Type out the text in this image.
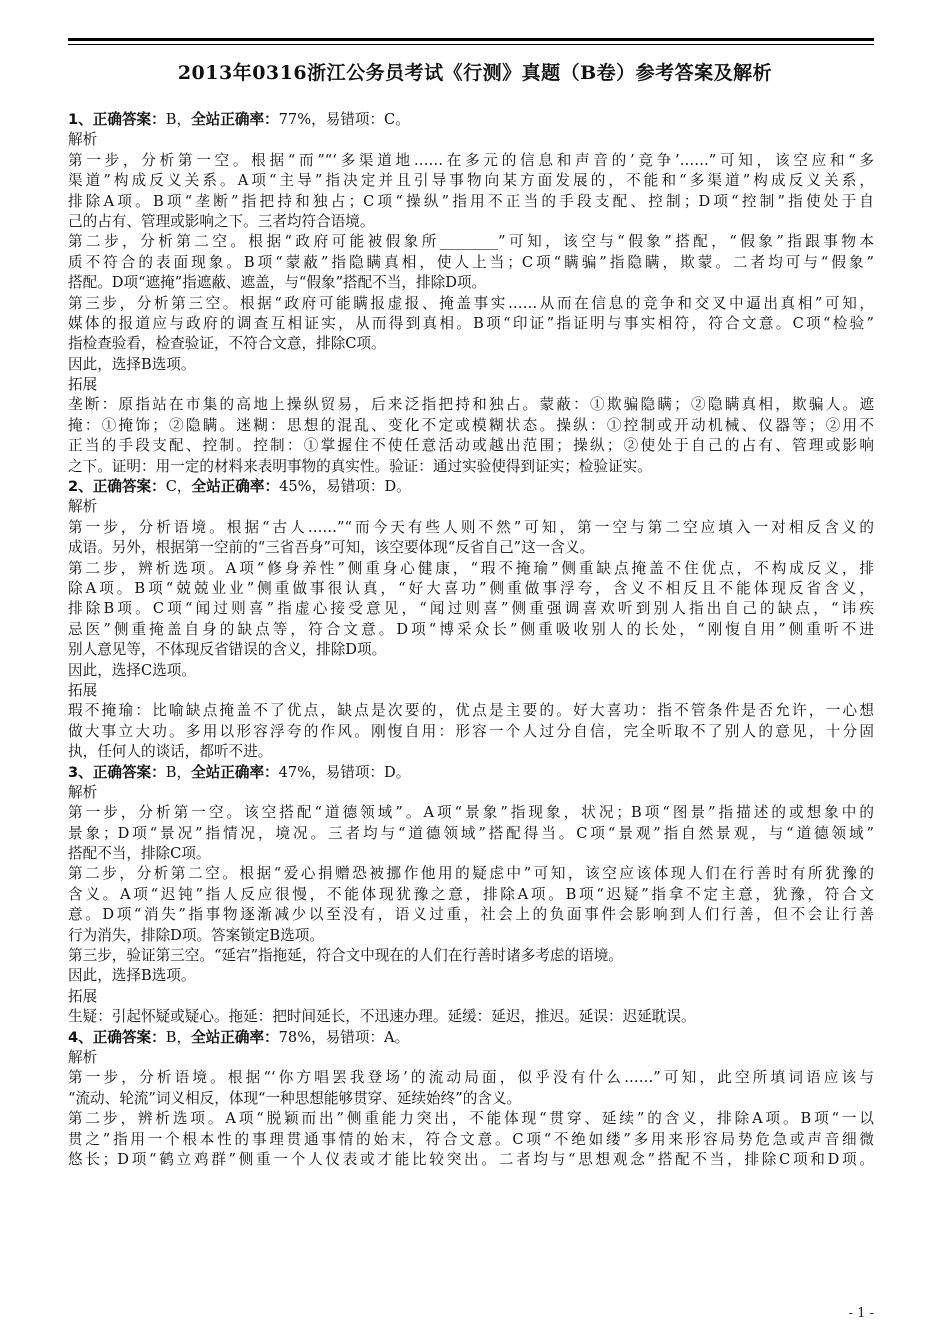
2013年0316浙江公务员考试《行测》真题（B卷）参考答案及解析
1、正确答案：B，全站正确率：77%，易错项：C。
解析
第一步，分析第一空。根据“而”“‘多渠道地……在多元的信息和声音的’竞争’……”可知，该空应和“多
渠道”构成反义关系。A项“主导”指决定并且引导事物向某方面发展的，不能和“多渠道”构成反义关系，
排除A项。B项“垄断”指把持和独占；C项“操纵”指用不正当的手段支配、控制；D项“控制”指使处于自
己的占有、管理或影响之下。三者均符合语境。
第二步，分析第二空。根据“政府可能被假象所________”可知，该空与“假象”搭配，“假象”指跟事物本
质不符合的表面现象。B项“蒙蔽”指隐瞒真相，使人上当；C项“瞒骗”指隐瞒，欺蒙。二者均可与“假象”
搭配。D项“遮掩”指遮蔽、遮盖，与“假象”搭配不当，排除D项。
第三步，分析第三空。根据“政府可能瞒报虚报、掩盖事实……从而在信息的竞争和交叉中逼出真相”可知，
媒体的报道应与政府的调查互相证实，从而得到真相。B项“印证”指证明与事实相符，符合文意。C项“检验”
指检查验看，检查验证，不符合文意，排除C项。
因此，选择B选项。
拓展
垄断：原指站在市集的高地上操纵贸易，后来泛指把持和独占。蒙蔽：①欺骗隐瞒；②隐瞒真相，欺骗人。遮
掩：①掩饰；②隐瞒。迷糊：思想的混乱、变化不定或模糊状态。操纵：①控制或开动机械、仪器等；②用不
正当的手段支配、控制。控制：①掌握住不使任意活动或越出范围；操纵；②使处于自己的占有、管理或影响
之下。证明：用一定的材料来表明事物的真实性。验证：通过实验使得到证实；检验证实。
2、正确答案：C，全站正确率：45%，易错项：D。
解析
第一步，分析语境。根据“古人……”“而今天有些人则不然”可知，第一空与第二空应填入一对相反含义的
成语。另外，根据第一空前的“三省吾身”可知，该空要体现“反省自己”这一含义。
第二步，辨析选项。A项“修身养性”侧重身心健康，“瑕不掩瑜”侧重缺点掩盖不住优点，不构成反义，排
除A项。B项“兢兢业业”侧重做事很认真，“好大喜功”侧重做事浮夸，含义不相反且不能体现反省含义，
排除B项。C项“闻过则喜”指虚心接受意见，“闻过则喜”侧重强调喜欢听到别人指出自己的缺点，“讳疾
忌医”侧重掩盖自身的缺点等，符合文意。D项“博采众长”侧重吸收别人的长处，“刚愎自用”侧重听不进
别人意见等，不体现反省错误的含义，排除D项。
因此，选择C选项。
拓展
瑕不掩瑜：比喻缺点掩盖不了优点，缺点是次要的，优点是主要的。好大喜功：指不管条件是否允许，一心想
做大事立大功。多用以形容浮夸的作风。刚愎自用：形容一个人过分自信，完全听取不了别人的意见，十分固
执，任何人的谈话，都听不进。
3、正确答案：B，全站正确率：47%，易错项：D。
解析
第一步，分析第一空。该空搭配“道德领域”。A项“景象”指现象，状况；B项“图景”指描述的或想象中的
景象；D项“景况”指情况，境况。三者均与“道德领域”搭配得当。C项“景观”指自然景观，与“道德领域”
搭配不当，排除C项。
第二步，分析第二空。根据“爱心捐赠恐被挪作他用的疑虑中”可知，该空应该体现人们在行善时有所犹豫的
含义。A项“迟钝”指人反应很慢，不能体现犹豫之意，排除A项。B项“迟疑”指拿不定主意，犹豫，符合文
意。D项“消失”指事物逐渐减少以至没有，语义过重，社会上的负面事件会影响到人们行善，但不会让行善
行为消失，排除D项。答案锁定B选项。
第三步，验证第三空。“延宕”指拖延，符合文中现在的人们在行善时诸多考虑的语境。
因此，选择B选项。
拓展
生疑：引起怀疑或疑心。拖延：把时间延长，不迅速办理。延缓：延迟，推迟。延误：迟延耽误。
4、正确答案：B，全站正确率：78%，易错项：A。
解析
第一步，分析语境。根据“‘你方唱罢我登场’的流动局面，似乎没有什么……”可知，此空所填词语应该与
“流动、轮流”词义相反，体现“一种思想能够贯穿、延续始终”的含义。
第二步，辨析选项。A项“脱颖而出”侧重能力突出，不能体现“贯穿、延续”的含义，排除A项。B项“一以
贯之”指用一个根本性的事理贯通事情的始末，符合文意。C项“不绝如缕”多用来形容局势危急或声音细微
悠长；D项“鹤立鸡群”侧重一个人仪表或才能比较突出。二者均与“思想观念”搭配不当，排除C项和D项。
- 1 -
